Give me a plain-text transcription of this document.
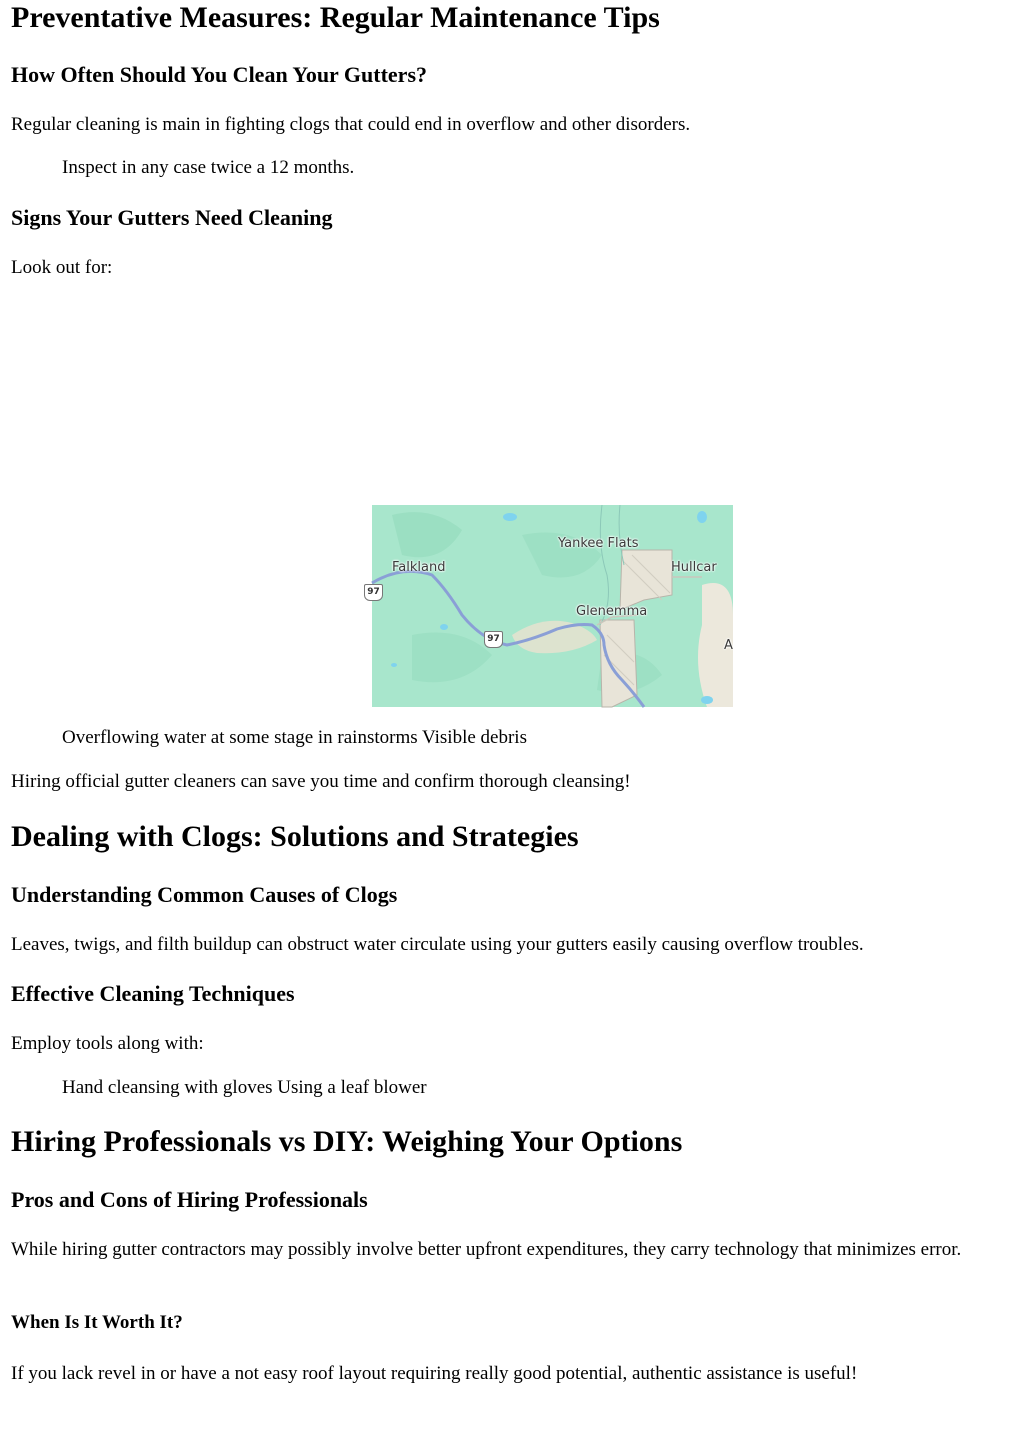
Preventative Measures: Regular Maintenance Tips
How Often Should You Clean Your Gutters?

Regular cleaning is main in fighting clogs that could end in overflow and other disorders.

Inspect in any case twice a 12 months.

Signs Your Gutters Need Cleaning

Look out for:

Yankee Flats
Falkland	Hullcar
Glenemma
A
97
97

Overflowing water at some stage in rainstorms Visible debris

Hiring official gutter cleaners can save you time and confirm thorough cleansing!

Dealing with Clogs: Solutions and Strategies
Understanding Common Causes of Clogs

Leaves, twigs, and filth buildup can obstruct water circulate using your gutters easily causing overflow troubles.

Effective Cleaning Techniques

Employ tools along with:

Hand cleansing with gloves Using a leaf blower

Hiring Professionals vs DIY: Weighing Your Options
Pros and Cons of Hiring Professionals

While hiring gutter contractors may possibly involve better upfront expenditures, they carry technology that minimizes error.

When Is It Worth It?

If you lack revel in or have a not easy roof layout requiring really good potential, authentic assistance is useful!
